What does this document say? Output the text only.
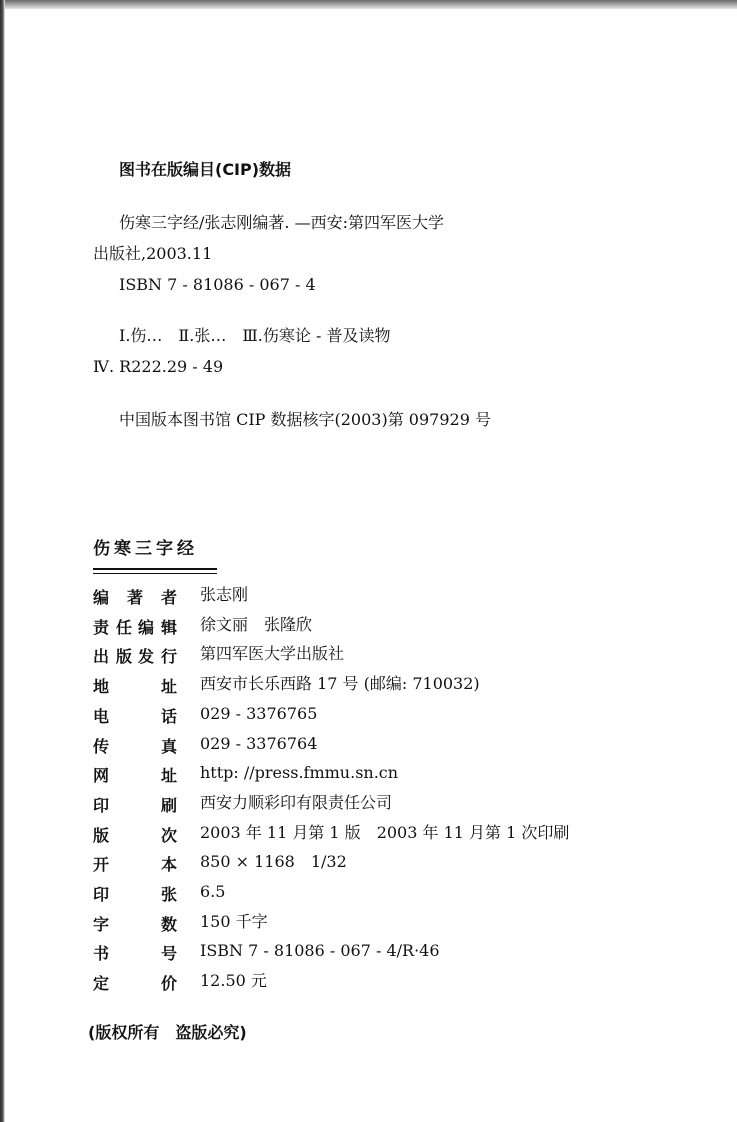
图书在版编目(CIP)数据
伤寒三字经/张志刚编著. —西安:第四军医大学
出版社,2003.11
ISBN 7 - 81086 - 067 - 4
Ⅰ.伤…　Ⅱ.张…　Ⅲ.伤寒论 - 普及读物
Ⅳ. R222.29 - 49
中国版本图书馆 CIP 数据核字(2003)第 097929 号
伤寒三字经
编 著 者 张志刚
责 任 编 辑 徐文丽　张隆欣
出 版 发 行 第四军医大学出版社
地	址 西安市长乐西路 17 号 (邮编: 710032)
电	话 029 - 3376765
传	真 029 - 3376764
网	址 http: //press.fmmu.sn.cn
印	刷 西安力顺彩印有限责任公司
版	次 2003 年 11 月第 1 版　2003 年 11 月第 1 次印刷
开	本 850 × 1168　1/32
印	张 6.5
字	数 150 千字
书	号 ISBN 7 - 81086 - 067 - 4/R·46
定	价 12.50 元
(版权所有　盗版必究)
